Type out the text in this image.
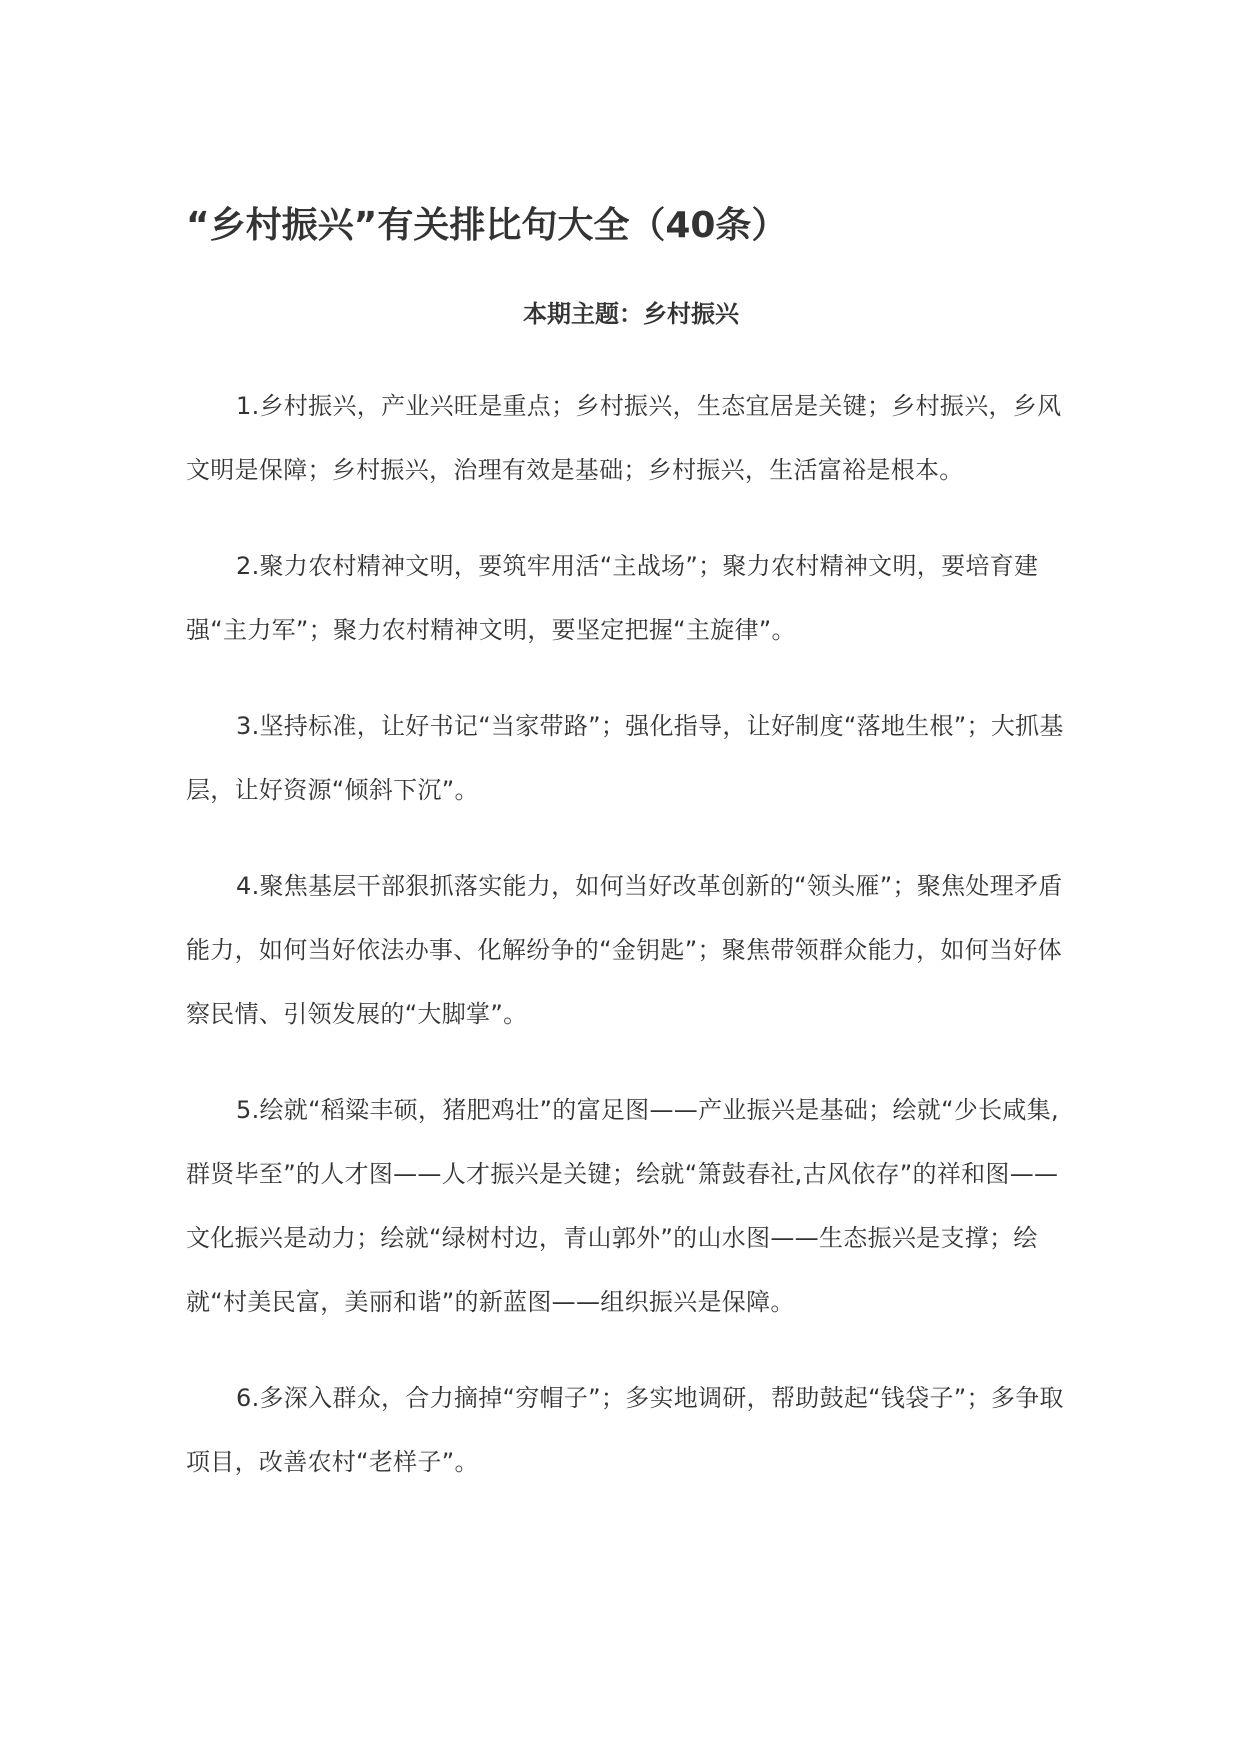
“乡村振兴”有关排比句大全（40条）
本期主题：乡村振兴

1.乡村振兴，产业兴旺是重点；乡村振兴，生态宜居是关键；乡村振兴，乡风文明是保障；乡村振兴，治理有效是基础；乡村振兴，生活富裕是根本。

2.聚力农村精神文明，要筑牢用活“主战场”；聚力农村精神文明，要培育建强“主力军”；聚力农村精神文明，要坚定把握“主旋律”。

3.坚持标准，让好书记“当家带路”；强化指导，让好制度“落地生根”；大抓基层，让好资源“倾斜下沉”。

4.聚焦基层干部狠抓落实能力，如何当好改革创新的“领头雁”；聚焦处理矛盾能力，如何当好依法办事、化解纷争的“金钥匙”；聚焦带领群众能力，如何当好体察民情、引领发展的“大脚掌”。

5.绘就“稻粱丰硕，猪肥鸡壮”的富足图——产业振兴是基础；绘就“少长咸集,群贤毕至”的人才图——人才振兴是关键；绘就“箫鼓春社,古风依存”的祥和图——文化振兴是动力；绘就“绿树村边，青山郭外”的山水图——生态振兴是支撑；绘就“村美民富，美丽和谐”的新蓝图——组织振兴是保障。

6.多深入群众，合力摘掉“穷帽子”；多实地调研，帮助鼓起“钱袋子”；多争取项目，改善农村“老样子”。
